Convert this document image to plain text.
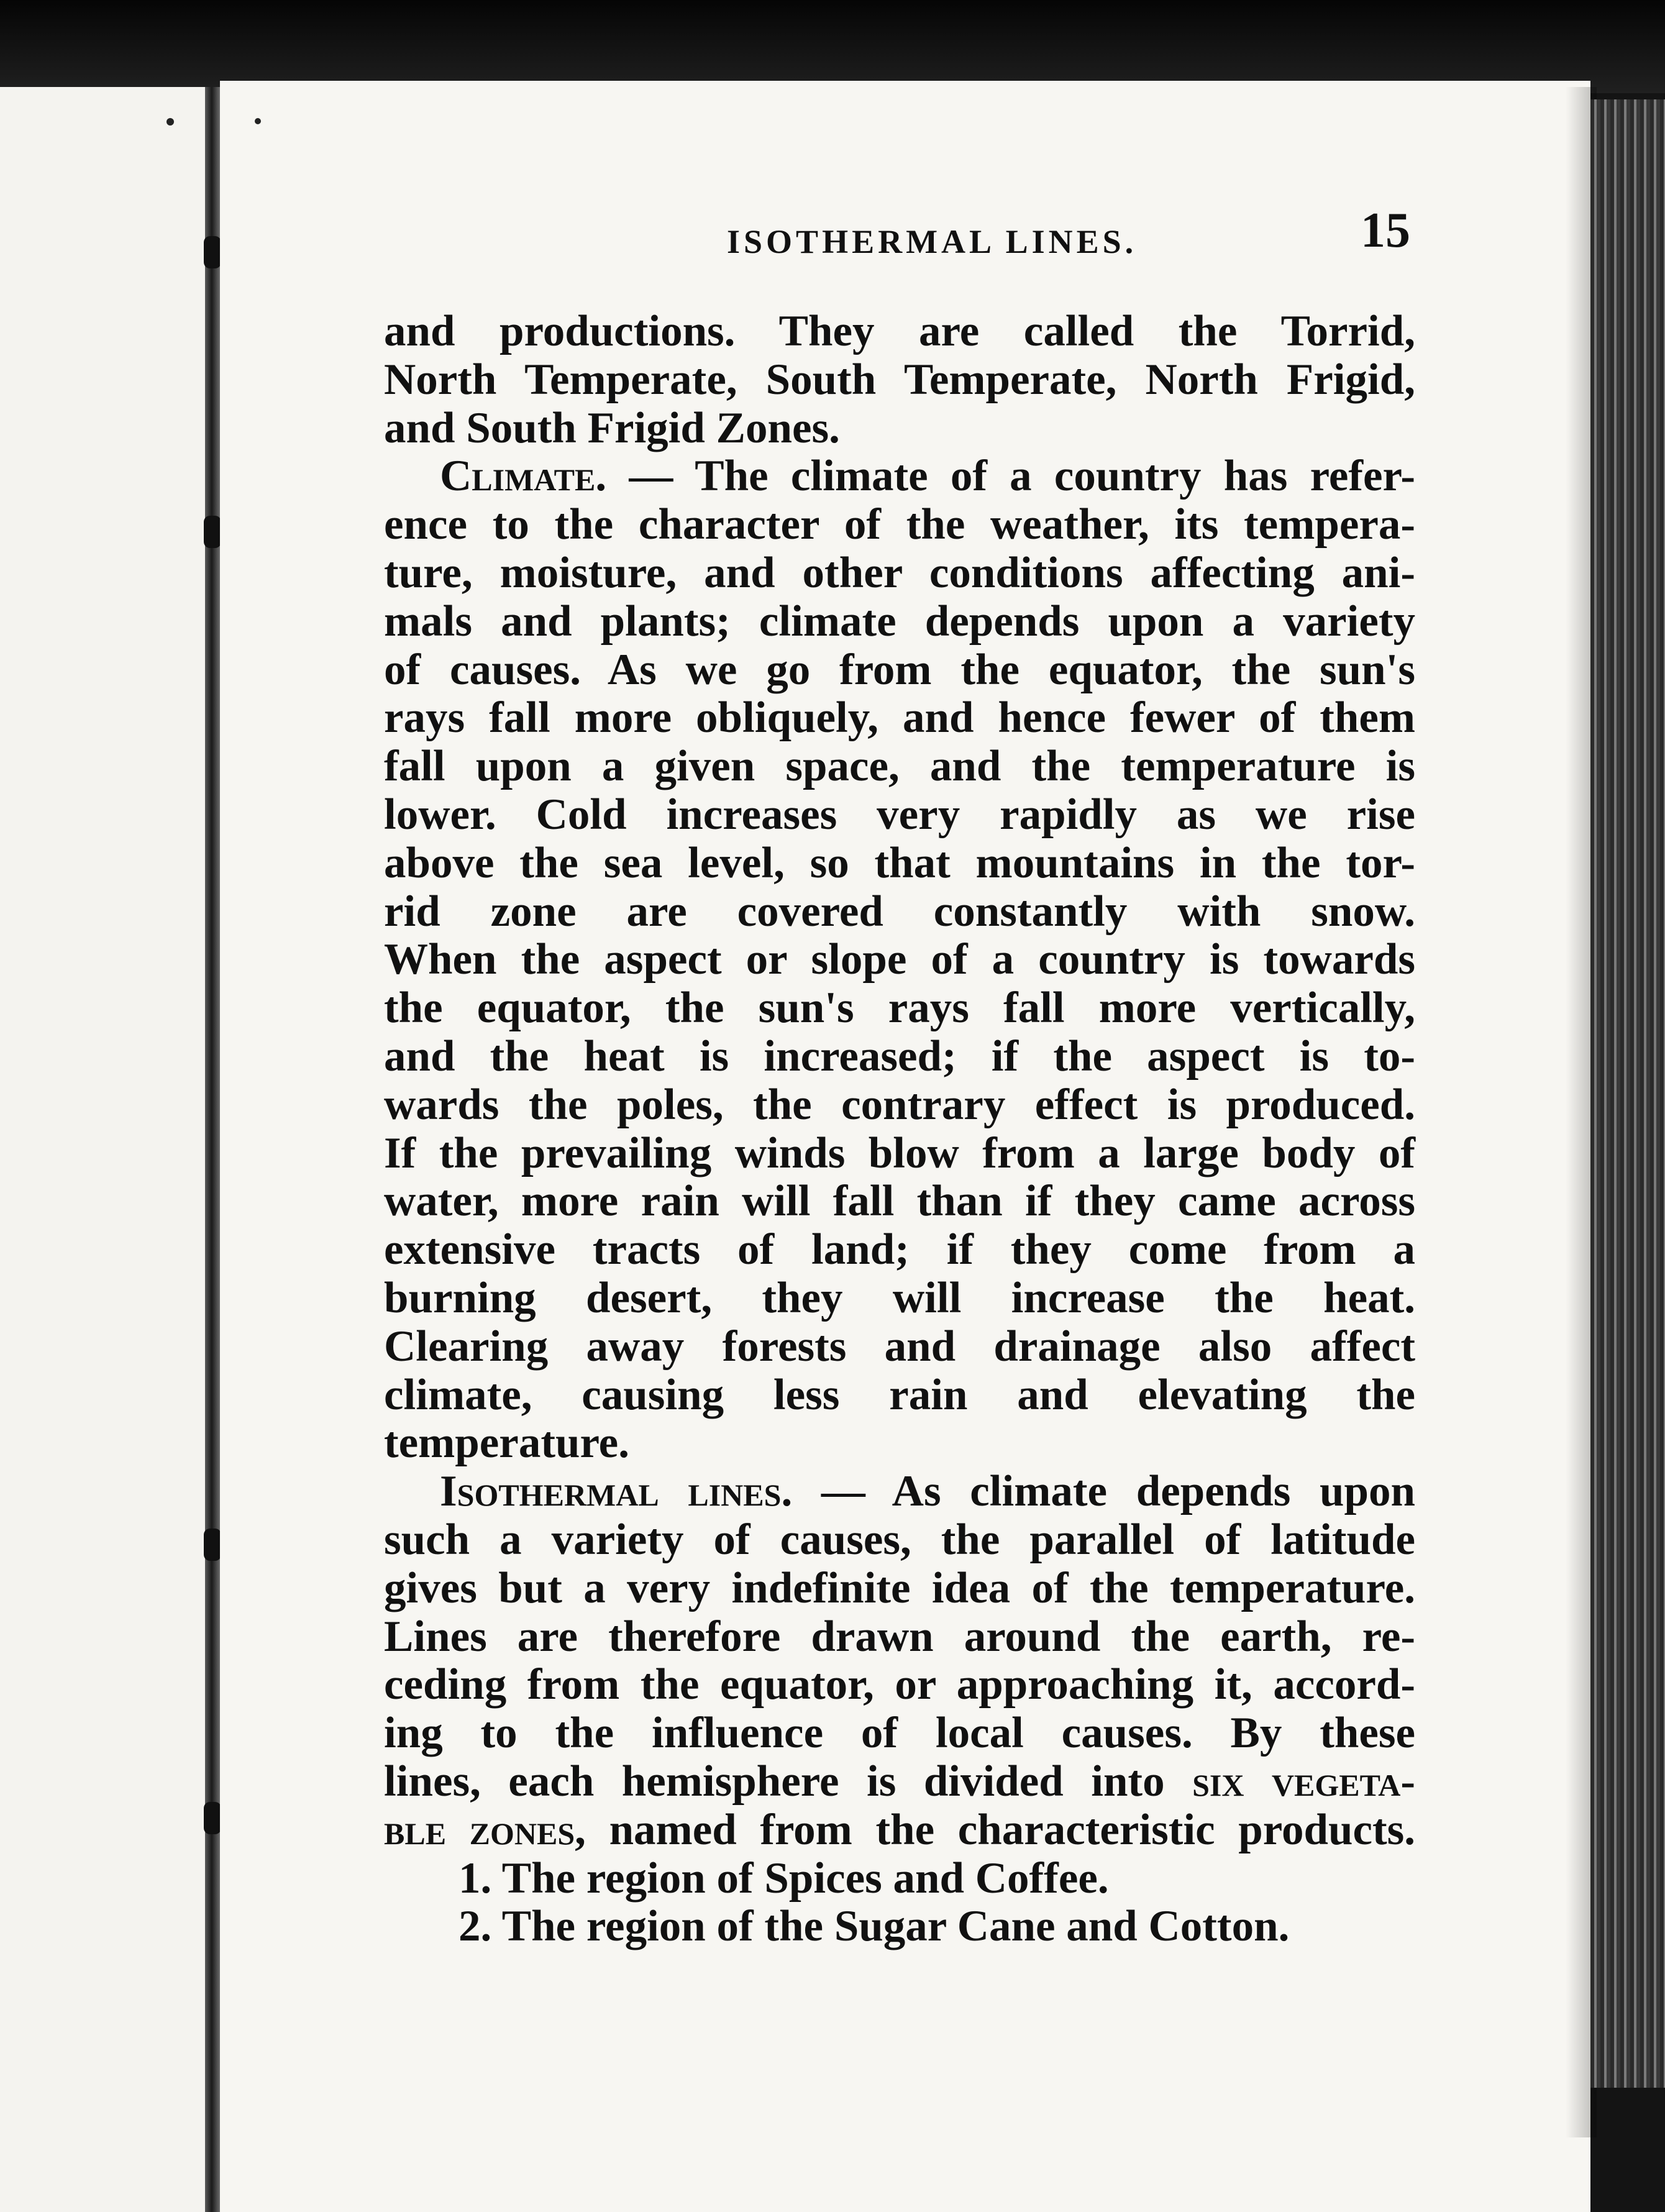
ISOTHERMAL LINES.	15
and productions. They are called the Torrid,
North Temperate, South Temperate, North Frigid,
and South Frigid Zones.
Climate. — The climate of a country has refer-
ence to the character of the weather, its tempera-
ture, moisture, and other conditions affecting ani-
mals and plants; climate depends upon a variety
of causes. As we go from the equator, the sun's
rays fall more obliquely, and hence fewer of them
fall upon a given space, and the temperature is
lower. Cold increases very rapidly as we rise
above the sea level, so that mountains in the tor-
rid zone are covered constantly with snow.
When the aspect or slope of a country is towards
the equator, the sun's rays fall more vertically,
and the heat is increased; if the aspect is to-
wards the poles, the contrary effect is produced.
If the prevailing winds blow from a large body of
water, more rain will fall than if they came across
extensive tracts of land; if they come from a
burning desert, they will increase the heat.
Clearing away forests and drainage also affect
climate, causing less rain and elevating the
temperature.
Isothermal lines. — As climate depends upon
such a variety of causes, the parallel of latitude
gives but a very indefinite idea of the temperature.
Lines are therefore drawn around the earth, re-
ceding from the equator, or approaching it, accord-
ing to the influence of local causes. By these
lines, each hemisphere is divided into six vegeta-
ble zones, named from the characteristic products.
1. The region of Spices and Coffee.
2. The region of the Sugar Cane and Cotton.
